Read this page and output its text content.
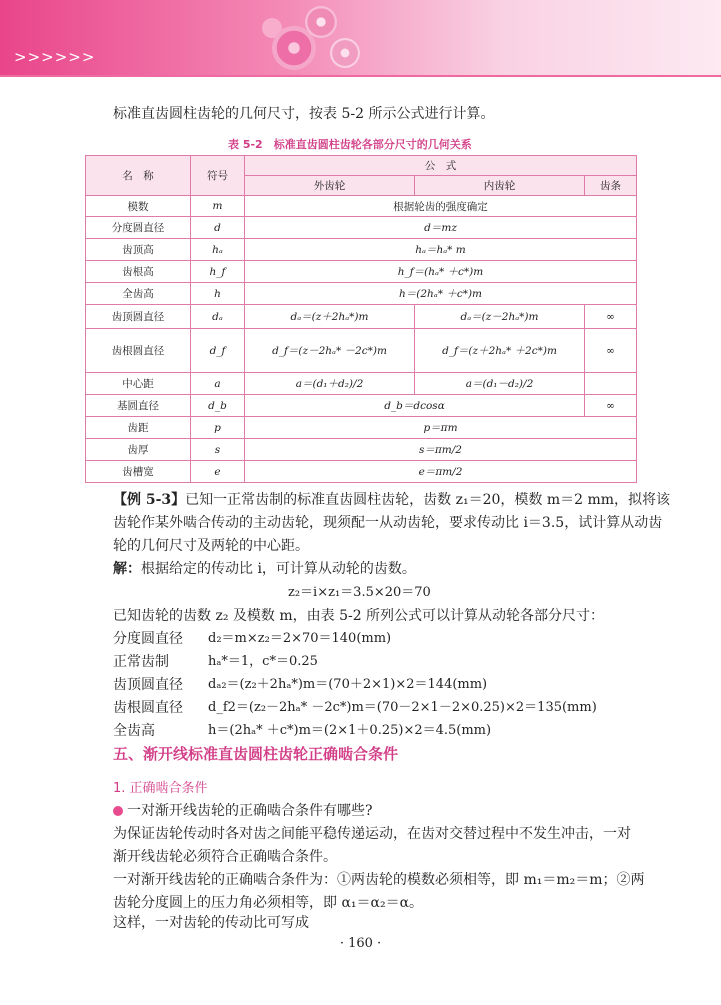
>>>>>>
标准直齿圆柱齿轮的几何尺寸，按表 5-2 所示公式进行计算。
表 5-2　标准直齿圆柱齿轮各部分尺寸的几何关系
名　称	符号	公　式		
		外齿轮	内齿轮	齿条
模数	m	根据轮齿的强度确定		
分度圆直径	d	d＝mz		
齿顶高	hₐ	hₐ＝hₐ* m		
齿根高	h_f	h_f＝(hₐ* ＋c*)m		
全齿高	h	h＝(2hₐ* ＋c*)m		
齿顶圆直径	dₐ	dₐ＝(z＋2hₐ*)m	dₐ＝(z－2hₐ*)m	∞
齿根圆直径	d_f	d_f＝(z－2hₐ* －2c*)m	d_f＝(z＋2hₐ* ＋2c*)m	∞
中心距	a	a＝(d₁＋d₂)/2	a＝(d₁－d₂)/2	
基圆直径	d_b	d_b＝dcosα		∞
齿距	p	p＝πm		
齿厚	s	s＝πm/2		
齿槽宽	e	e＝πm/2		
【例 5-3】已知一正常齿制的标准直齿圆柱齿轮，齿数 z₁＝20，模数 m＝2 mm，拟将该
齿轮作某外啮合传动的主动齿轮，现须配一从动齿轮，要求传动比 i＝3.5，试计算从动齿
轮的几何尺寸及两轮的中心距。
解：根据给定的传动比 i，可计算从动轮的齿数。
z₂＝i×z₁＝3.5×20＝70
已知齿轮的齿数 z₂ 及模数 m，由表 5-2 所列公式可以计算从动轮各部分尺寸：
分度圆直径 d₂＝m×z₂＝2×70＝140(mm)
正常齿制	hₐ*＝1，c*＝0.25
齿顶圆直径 dₐ₂＝(z₂＋2hₐ*)m＝(70＋2×1)×2＝144(mm)
齿根圆直径 d_f2＝(z₂－2hₐ* －2c*)m＝(70－2×1－2×0.25)×2＝135(mm)
全齿高	h＝(2hₐ* ＋c*)m＝(2×1＋0.25)×2＝4.5(mm)
五、渐开线标准直齿圆柱齿轮正确啮合条件
1. 正确啮合条件
一对渐开线齿轮的正确啮合条件有哪些?
为保证齿轮传动时各对齿之间能平稳传递运动，在齿对交替过程中不发生冲击，一对
渐开线齿轮必须符合正确啮合条件。
一对渐开线齿轮的正确啮合条件为：①两齿轮的模数必须相等，即 m₁＝m₂＝m；②两
齿轮分度圆上的压力角必须相等，即 α₁＝α₂＝α。
这样，一对齿轮的传动比可写成
· 160 ·
